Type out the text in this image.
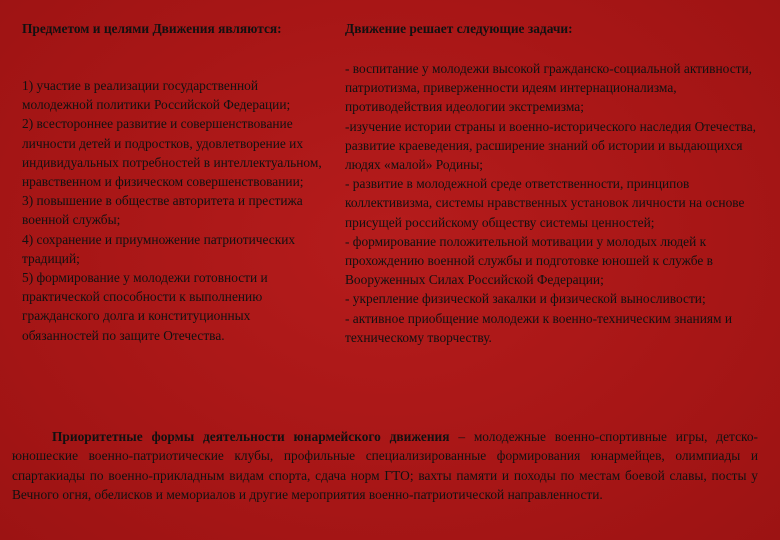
Предметом и целями Движения являются:

1) участие в реализации государственной молодежной политики Российской Федерации;

2) всестороннее развитие и совершенствование личности детей и подростков, удовлетворение их индивидуальных потребностей в интеллектуальном, нравственном и физическом совершенствовании;

3) повышение в обществе авторитета и престижа военной службы;

4) сохранение и приумножение патриотических традиций;

5) формирование у молодежи готовности и практической способности к выполнению гражданского долга и конституционных обязанностей по защите Отечества.

Движение решает следующие задачи:

- воспитание у молодежи высокой гражданско-социальной активности, патриотизма, приверженности идеям интернационализма, противодействия идеологии экстремизма;

-изучение истории страны и военно-исторического наследия Отечества, развитие краеведения, расширение знаний об истории и выдающихся людях «малой» Родины;

- развитие в молодежной среде ответственности, принципов коллективизма, системы нравственных установок личности на основе присущей российскому обществу системы ценностей;

- формирование положительной мотивации у молодых людей к прохождению военной службы и подготовке юношей к службе в Вооруженных Силах Российской Федерации;

- укрепление физической закалки и физической выносливости;

- активное приобщение молодежи к военно-техническим знаниям и техническому творчеству.

Приоритетные формы деятельности юнармейского движения – молодежные военно-спортивные игры, детско-юношеские военно-патриотические клубы, профильные специализированные формирования юнармейцев, олимпиады и спартакиады по военно-прикладным видам спорта, сдача норм ГТО; вахты памяти и походы по местам боевой славы, посты у Вечного огня, обелисков и мемориалов и другие мероприятия военно-патриотической направленности.
